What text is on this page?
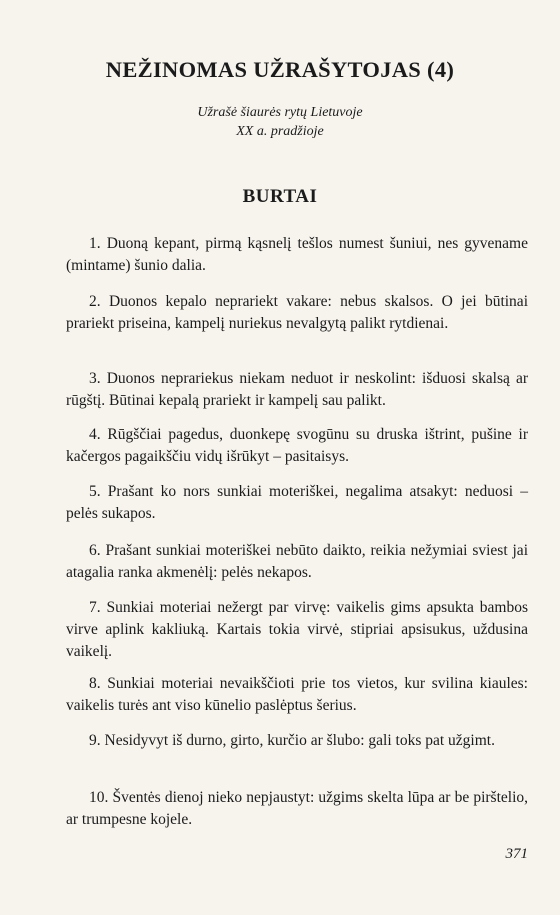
NEŽINOMAS UŽRAŠYTOJAS (4)

Užrašė šiaurės rytų Lietuvoje

XX a. pradžioje

BURTAI

1. Duoną kepant, pirmą kąsnelį tešlos numest šuniui, nes gyvename (mintame) šunio dalia.

2. Duonos kepalo neprariekt vakare: nebus skalsos. O jei būtinai prariekt priseina, kampelį nuriekus nevalgytą palikt rytdienai.

3. Duonos neprariekus niekam neduot ir neskolint: išduosi skalsą ar rūgštį. Būtinai kepalą prariekt ir kampelį sau palikt.

4. Rūgščiai pagedus, duonkepę svogūnu su druska ištrint, pušine ir kačergos pagaikščiu vidų išrūkyt – pasitaisys.

5. Prašant ko nors sunkiai moteriškei, negalima atsakyt: neduosi – pelės sukapos.

6. Prašant sunkiai moteriškei nebūto daikto, reikia nežymiai sviest jai atagalia ranka akmenėlį: pelės nekapos.

7. Sunkiai moteriai nežergt par virvę: vaikelis gims apsukta bambos virve aplink kakliuką. Kartais tokia virvė, stipriai apsisukus, uždusina vaikelį.

8. Sunkiai moteriai nevaikščioti prie tos vietos, kur svilina kiaules: vaikelis turės ant viso kūnelio paslėptus šerius.

9. Nesidyvyt iš durno, girto, kurčio ar šlubo: gali toks pat užgimt.

10. Šventės dienoj nieko nepjaustyt: užgims skelta lūpa ar be pirštelio, ar trumpesne kojele.

371
